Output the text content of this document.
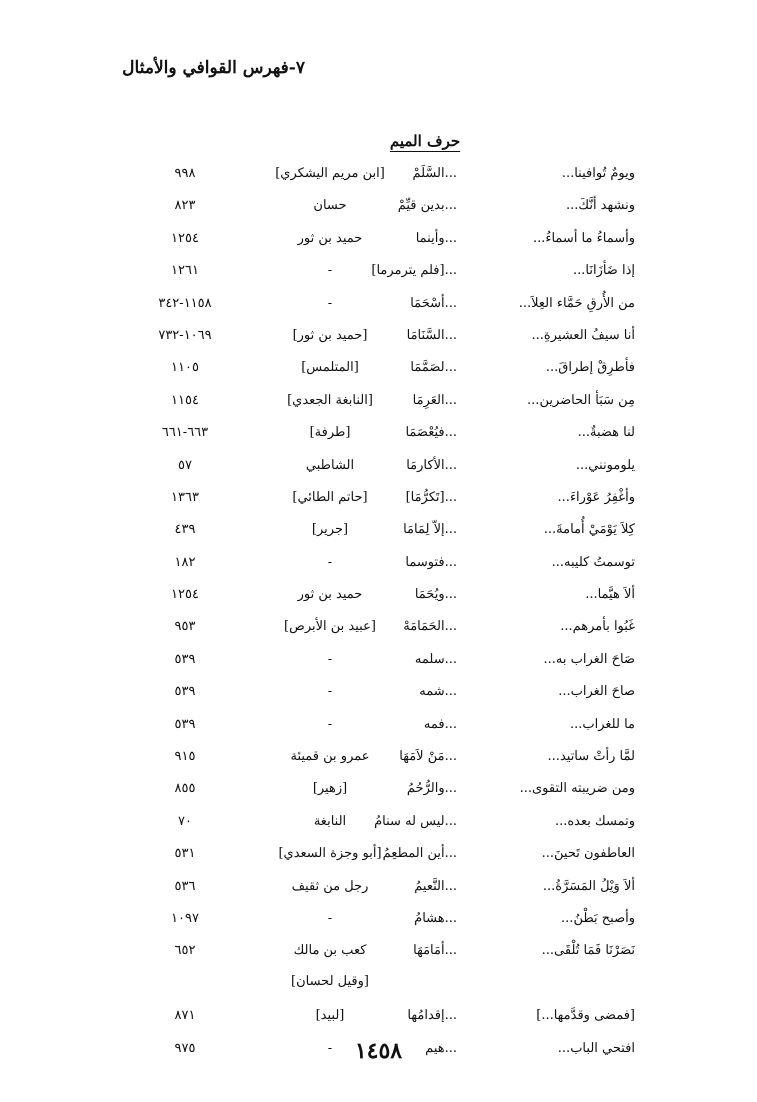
٧-فهرس القوافي والأمثال
حرف الميم
ويومٌ تُوافينا...
...السَّلَمْ
[ابن مريم اليشكري]
٩٩٨
ونشهد أنَّكَ...
...بدين قيِّمْ
حسان
٨٢٣
وأسماءُ ما أسماءُ...
...وأينما
حميد بن ثور
١٢٥٤
إذا ضَأزَانَا...
...[فلم يترمرما]
-
١٢٦١
من الأُرقِ حَمَّاء العِلاَ...
...أسْحَمَا
-
١١٥٨-٣٤٢
أنا سيفُ العشيرةِ...
...السَّنَامَا
[حميد بن ثور]
١٠٦٩-٧٣٢
فأطرِقْ إطراقَ...
...لصَمَّمَا
[المتلمس]
١١٠٥
مِن سَبَأ الحاضرين...
...العَرِمَا
[النابغة الجعدي]
١١٥٤
لنا هضبةٌ...
...فيُعْصَمَا
[طرفة]
٦٦٣-٦٦١
يلومونني...
...الأكارمَا
الشاطبي
٥٧
وأغْفِرُ عَوْراءَ...
...[تَكرُّمَا]
[حاتم الطائي]
١٣٦٣
كِلاَ يَوْمَيْ أُمامةَ...
...إلاّ لِمَامَا
[جرير]
٤٣٩
توسمتُ كليبه...
...فتوسما
-
١٨٢
ألاَ هيَّما...
...ويُحَمَا
حميد بن ثور
١٢٥٤
غَبُوا بأمرهم...
...الحَمَامَهْ
[عبيد بن الأبرص]
٩٥٣
صَاحَ الغراب به...
...سلمه
-
٥٣٩
صاحَ الغراب...
...شمه
-
٥٣٩
ما للغراب...
...فمه
-
٥٣٩
لمَّا رأتْ ساتيد...
...مَنْ لاَمَهَا
عمرو بن قميئة
٩١٥
ومن ضريبته التقوى...
...والرُّحُمُ
[زهير]
٨٥٥
وتمسك بعده...
...ليس له سنامُ
النابغة
٧٠
العاطفون تَحينَ...
...أين المطعِمُ
[أبو وجزة السعدي]
٥٣١
ألاَ وَيْلُ المَسَرَّةُ...
...النَّعيمُ
رجل من ثقيف
٥٣٦
وأصبح بَطْنُ...
...هشامُ
-
١٠٩٧
نَصَرْنَا فَمَا تُلْقَى...
...أمَامَهَا
كعب بن مالك
٦٥٢
[وقيل لحسان]
[فمضى وقدَّمها...]
...إقدامُها
[لبيد]
٨٧١
افتحي الباب...
...هيم
-
٩٧٥	١٤٥٨
